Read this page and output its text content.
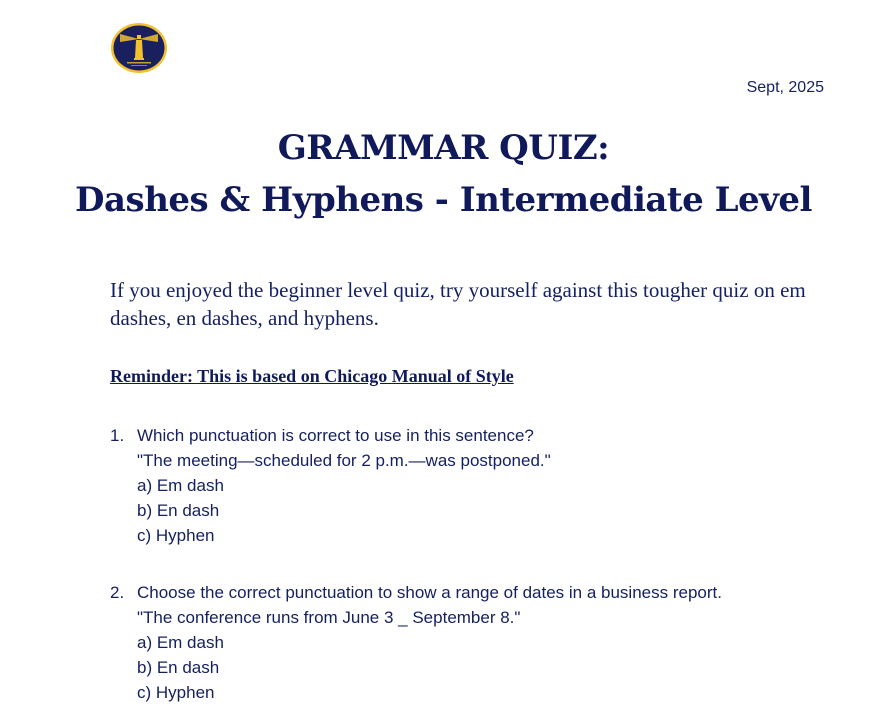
Sept, 2025
GRAMMAR QUIZ:
Dashes & Hyphens - Intermediate Level
If you enjoyed the beginner level quiz, try yourself against this tougher quiz on em dashes, en dashes, and hyphens.
Reminder: This is based on Chicago Manual of Style
1. Which punctuation is correct to use in this sentence?
"The meeting—scheduled for 2 p.m.—was postponed."
a) Em dash
b) En dash
c) Hyphen
2. Choose the correct punctuation to show a range of dates in a business report.
"The conference runs from June 3 _ September 8."
a) Em dash
b) En dash
c) Hyphen
